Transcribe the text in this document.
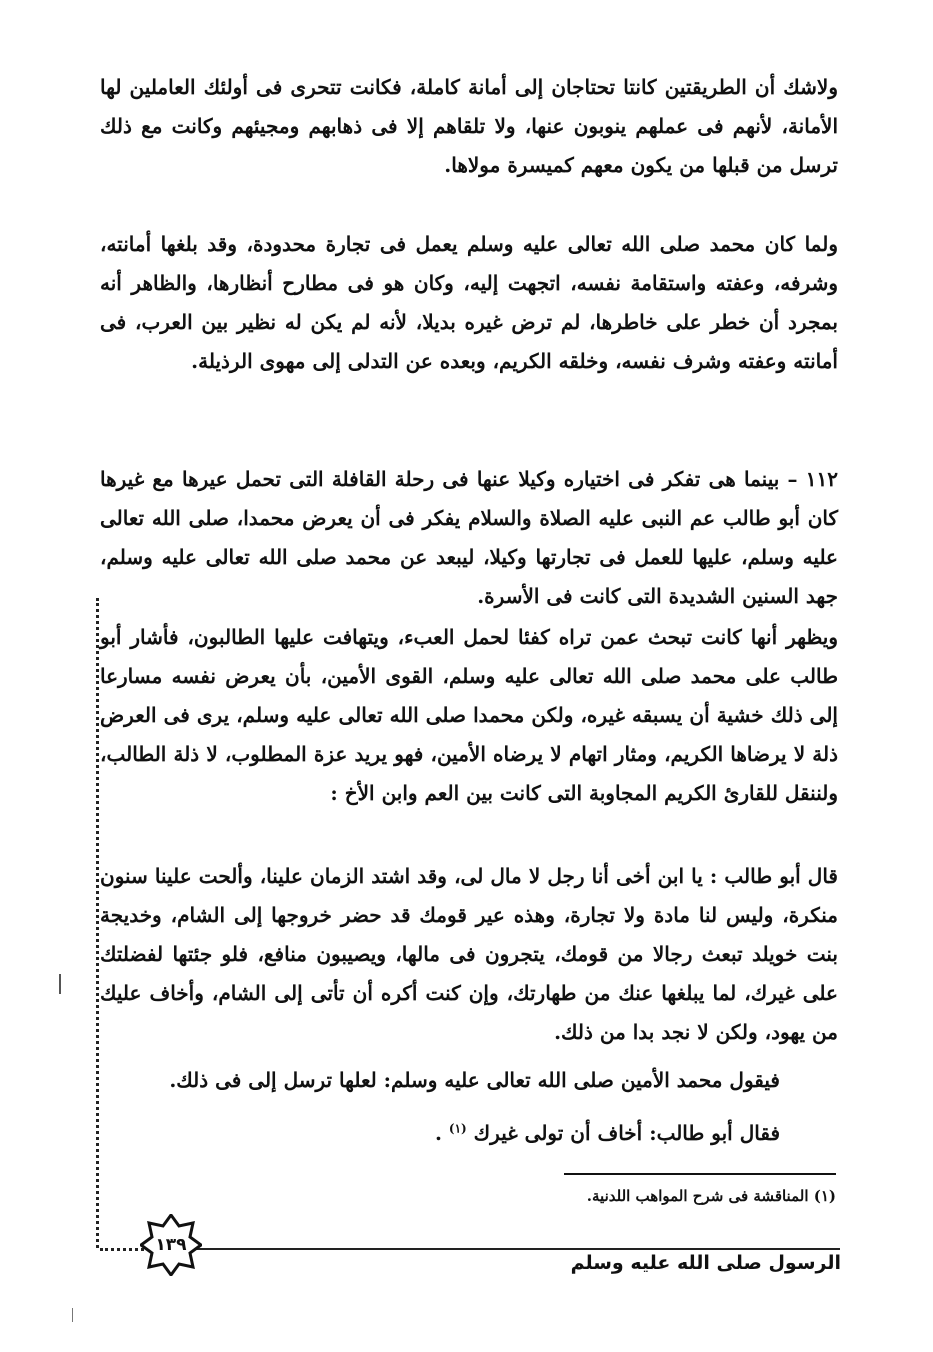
ولاشك أن الطريقتين كانتا تحتاجان إلى أمانة كاملة، فكانت تتحرى فى أولئك العاملين لها الأمانة، لأنهم فى عملهم ينوبون عنها، ولا تلقاهم إلا فى ذهابهم ومجيئهم وكانت مع ذلك ترسل من قبلها من يكون معهم كميسرة مولاها.

ولما كان محمد صلى الله تعالى عليه وسلم يعمل فى تجارة محدودة، وقد بلغها أمانته، وشرفه، وعفته واستقامة نفسه، اتجهت إليه، وكان هو فى مطارح أنظارها، والظاهر أنه بمجرد أن خطر على خاطرها، لم ترض غيره بديلا، لأنه لم يكن له نظير بين العرب، فى أمانته وعفته وشرف نفسه، وخلقه الكريم، وبعده عن التدلى إلى مهوى الرذيلة.

١١٢ – بينما هى تفكر فى اختياره وكيلا عنها فى رحلة القافلة التى تحمل عيرها مع غيرها كان أبو طالب عم النبى عليه الصلاة والسلام يفكر فى أن يعرض محمدا، صلى الله تعالى عليه وسلم، عليها للعمل فى تجارتها وكيلا، ليبعد عن محمد صلى الله تعالى عليه وسلم، جهد السنين الشديدة التى كانت فى الأسرة.

ويظهر أنها كانت تبحث عمن تراه كفئا لحمل العبء، ويتهافت عليها الطالبون، فأشار أبو طالب على محمد صلى الله تعالى عليه وسلم، القوى الأمين، بأن يعرض نفسه مسارعا إلى ذلك خشية أن يسبقه غيره، ولكن محمدا صلى الله تعالى عليه وسلم، يرى فى العرض ذلة لا يرضاها الكريم، ومثار اتهام لا يرضاه الأمين، فهو يريد عزة المطلوب، لا ذلة الطالب، ولننقل للقارئ الكريم المجاوبة التى كانت بين العم وابن الأخ :

قال أبو طالب : يا ابن أخى أنا رجل لا مال لى، وقد اشتد الزمان علينا، وألحت علينا سنون منكرة، وليس لنا مادة ولا تجارة، وهذه عير قومك قد حضر خروجها إلى الشام، وخديجة بنت خويلد تبعث رجالا من قومك، يتجرون فى مالها، ويصيبون منافع، فلو جئتها لفضلتك على غيرك، لما يبلغها عنك من طهارتك، وإن كنت أكره أن تأتى إلى الشام، وأخاف عليك من يهود، ولكن لا نجد بدا من ذلك.

فيقول محمد الأمين صلى الله تعالى عليه وسلم: لعلها ترسل إلى فى ذلك.

فقال أبو طالب: أخاف أن تولى غيرك $^{(١)}$ .

(١) المناقشة فى شرح المواهب اللدنية.
١٣٩
الرسول صلى الله عليه وسلم
